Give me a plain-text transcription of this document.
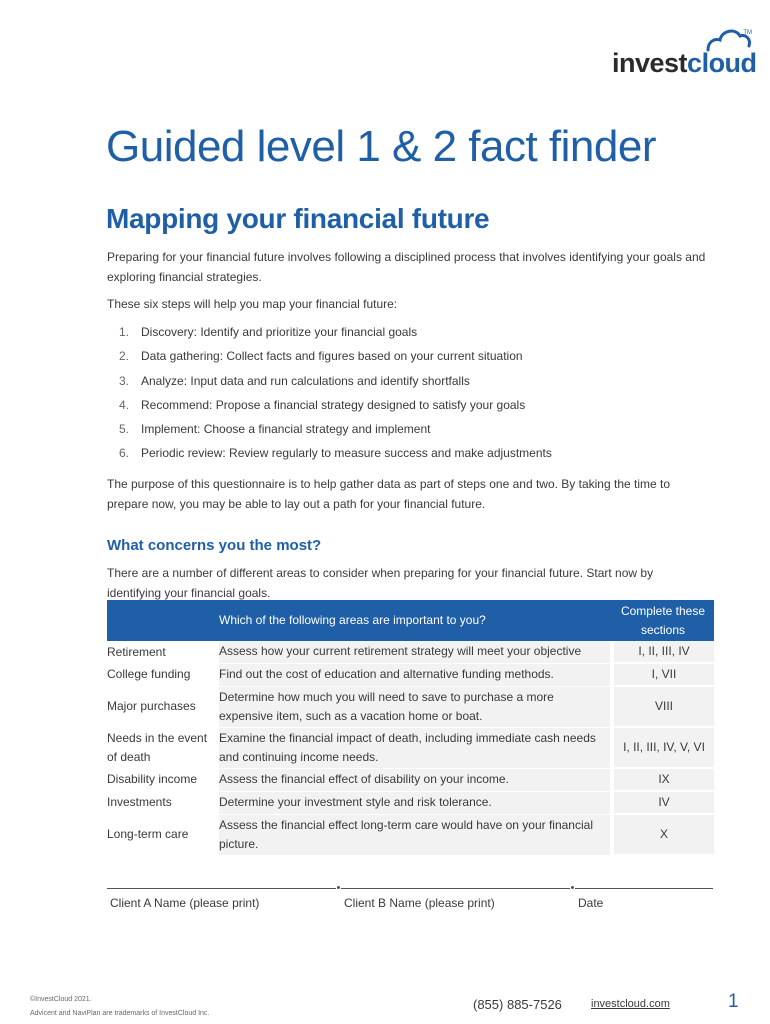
TM
investcloud
Guided level 1 & 2 fact finder
Mapping your financial future

Preparing for your financial future involves following a disciplined process that involves identifying your goals and exploring financial strategies.

These six steps will help you map your financial future:

1. Discovery: Identify and prioritize your financial goals
2. Data gathering: Collect facts and figures based on your current situation
3. Analyze: Input data and run calculations and identify shortfalls
4. Recommend: Propose a financial strategy designed to satisfy your goals
5. Implement: Choose a financial strategy and implement
6. Periodic review: Review regularly to measure success and make adjustments

The purpose of this questionnaire is to help gather data as part of steps one and two. By taking the time to prepare now, you may be able to lay out a path for your financial future.

What concerns you the most?

There are a number of different areas to consider when preparing for your financial future. Start now by identifying your financial goals.

	Which of the following areas are important to you?	Complete these sections
Retirement	Assess how your current retirement strategy will meet your objective	I, II, III, IV
College funding	Find out the cost of education and alternative funding methods.	I, VII
Major purchases	Determine how much you will need to save to purchase a more expensive item, such as a vacation home or boat.	VIII
Needs in the event of death	Examine the financial impact of death, including immediate cash needs and continuing income needs.	I, II, III, IV, V, VI
Disability income	Assess the financial effect of disability on your income.	IX
Investments	Determine your investment style and risk tolerance.	IV
Long-term care	Assess the financial effect long-term care would have on your financial picture.	X
Client A Name (please print)	Client B Name (please print)	Date
©InvestCloud 2021.
Advicent and NaviPlan are trademarks of InvestCloud Inc.
(855) 885-7526	investcloud.com	1
